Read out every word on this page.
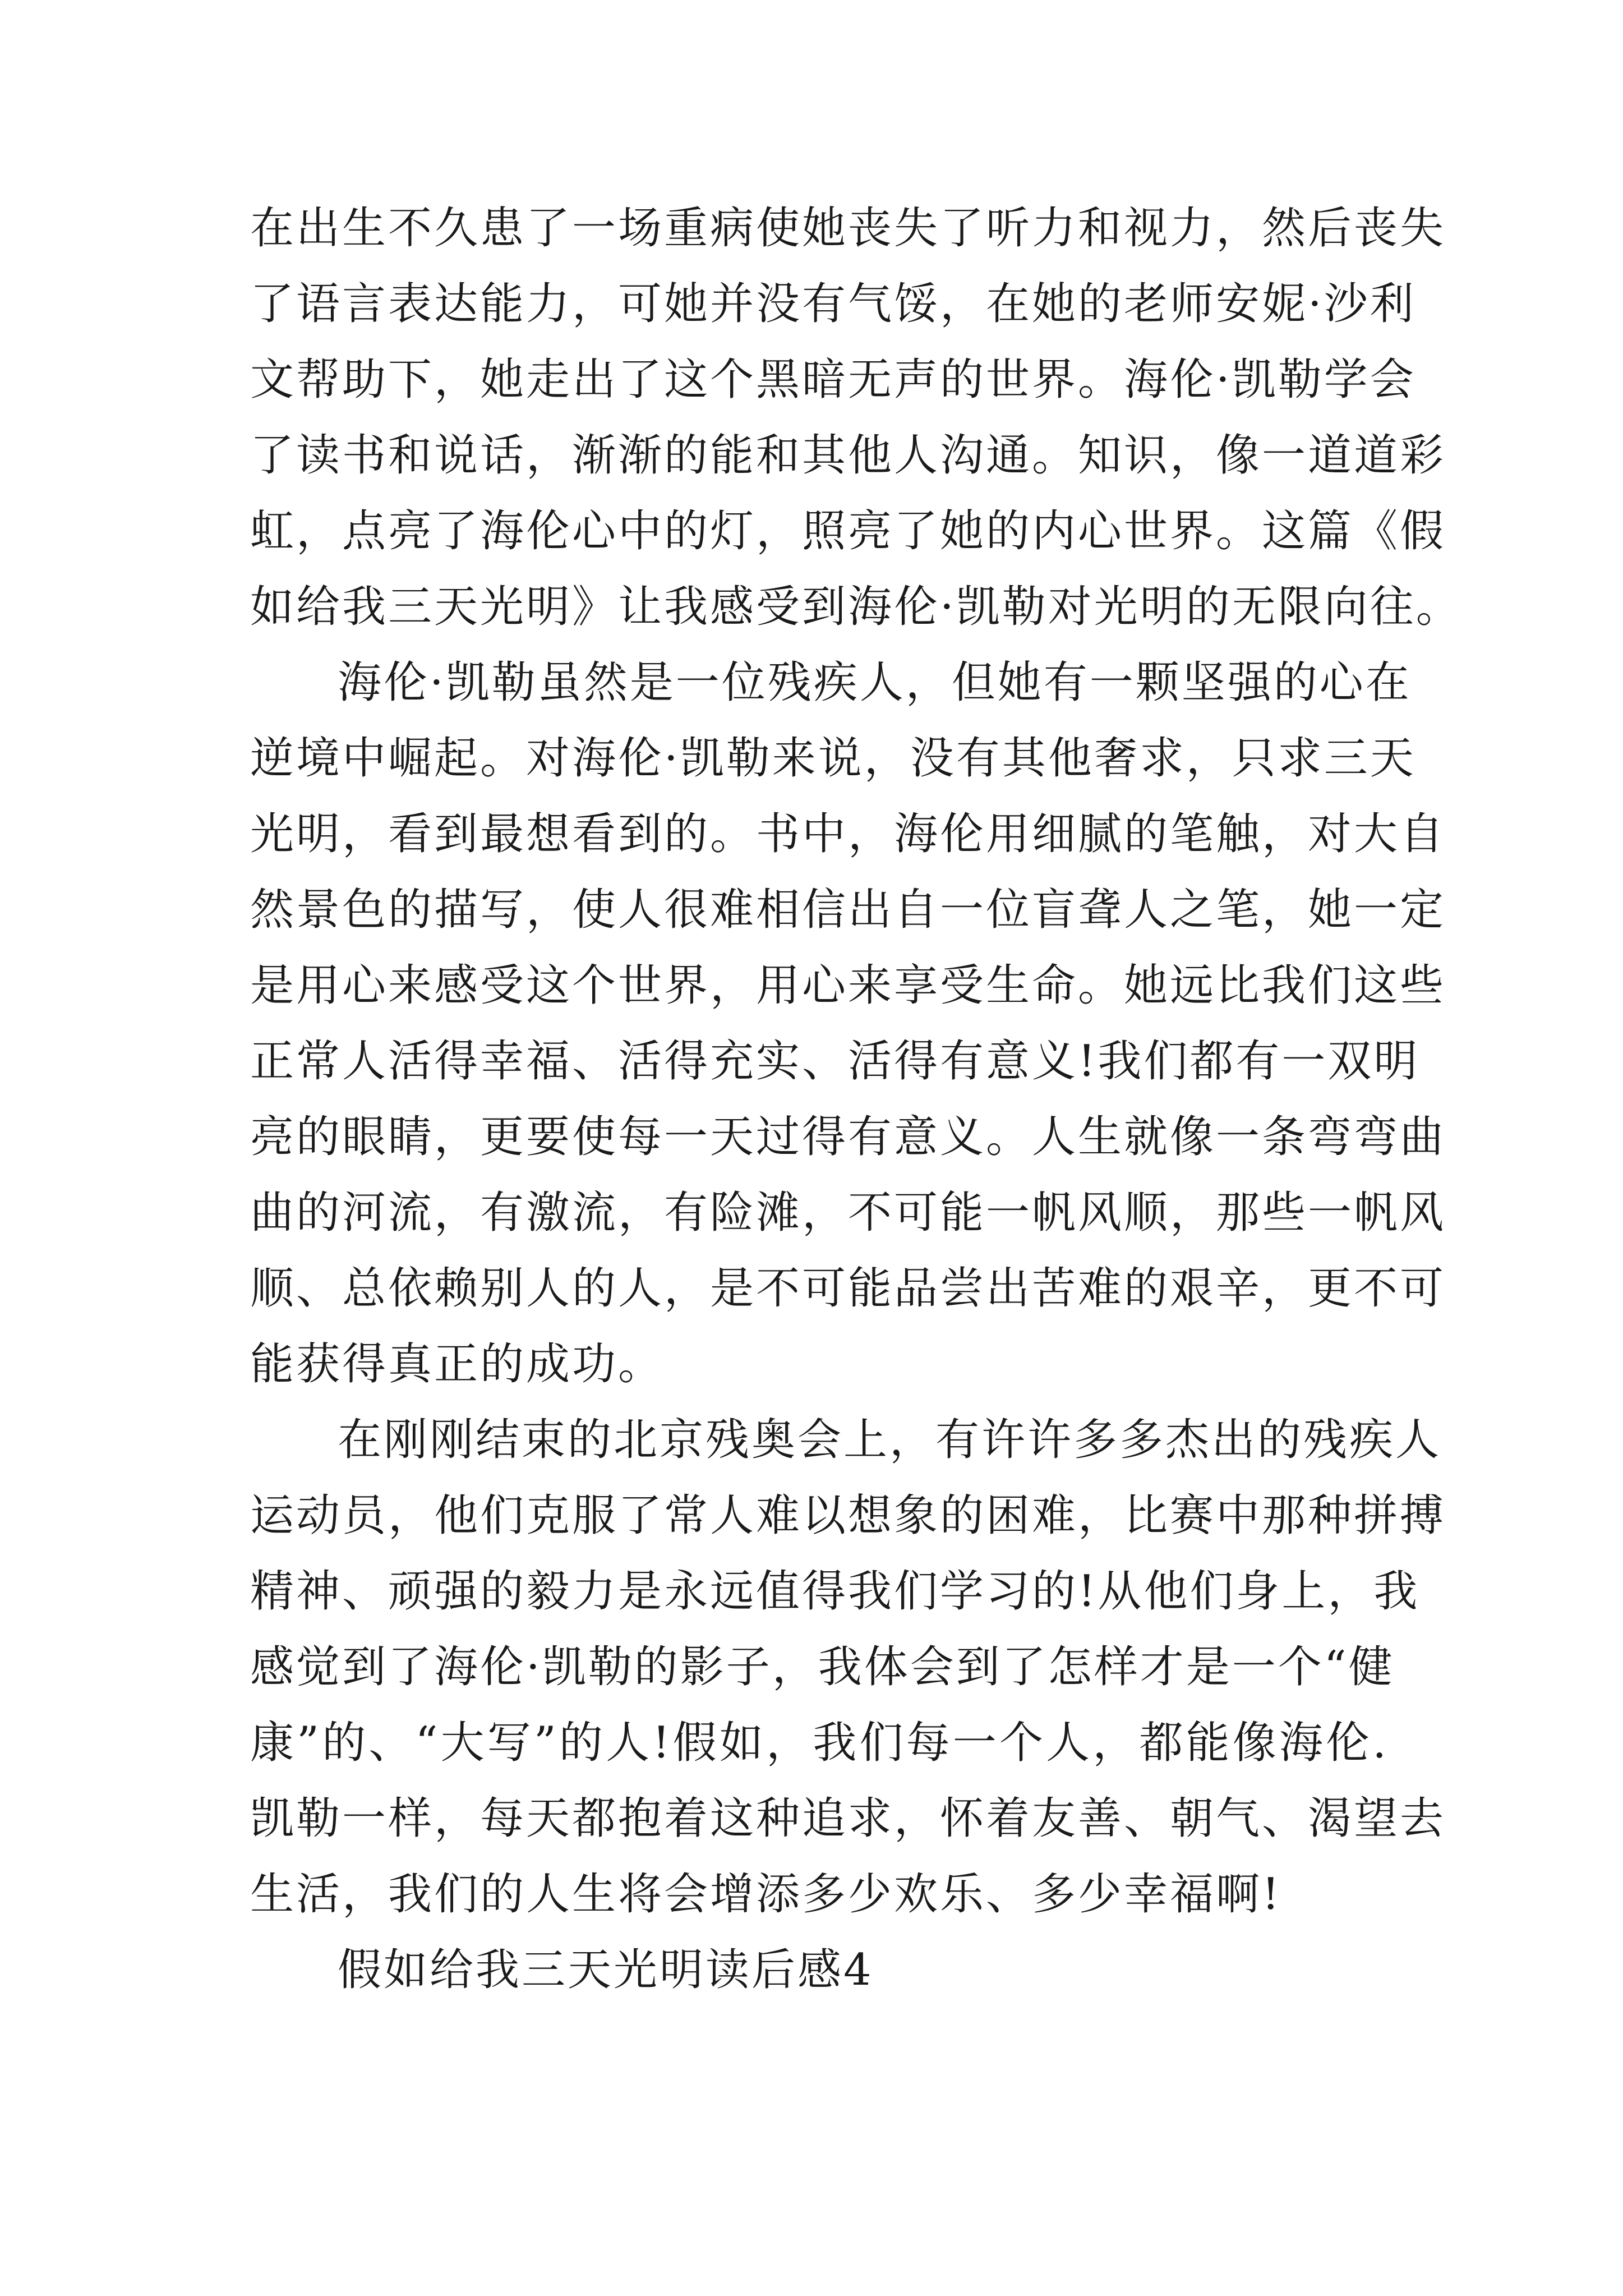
在出生不久患了一场重病使她丧失了听力和视力，然后丧失
了语言表达能力，可她并没有气馁，在她的老师安妮·沙利
文帮助下，她走出了这个黑暗无声的世界。海伦·凯勒学会
了读书和说话，渐渐的能和其他人沟通。知识，像一道道彩
虹，点亮了海伦心中的灯，照亮了她的内心世界。这篇《假
如给我三天光明》让我感受到海伦·凯勒对光明的无限向往。
海伦·凯勒虽然是一位残疾人，但她有一颗坚强的心在
逆境中崛起。对海伦·凯勒来说，没有其他奢求，只求三天
光明，看到最想看到的。书中，海伦用细腻的笔触，对大自
然景色的描写，使人很难相信出自一位盲聋人之笔，她一定
是用心来感受这个世界，用心来享受生命。她远比我们这些
正常人活得幸福、活得充实、活得有意义!我们都有一双明
亮的眼睛，更要使每一天过得有意义。人生就像一条弯弯曲
曲的河流，有激流，有险滩，不可能一帆风顺，那些一帆风
顺、总依赖别人的人，是不可能品尝出苦难的艰辛，更不可
能获得真正的成功。
在刚刚结束的北京残奥会上，有许许多多杰出的残疾人
运动员，他们克服了常人难以想象的困难，比赛中那种拼搏
精神、顽强的毅力是永远值得我们学习的!从他们身上，我
感觉到了海伦·凯勒的影子，我体会到了怎样才是一个“健
康”的、“大写”的人!假如，我们每一个人，都能像海伦.
凯勒一样，每天都抱着这种追求，怀着友善、朝气、渴望去
生活，我们的人生将会增添多少欢乐、多少幸福啊!
假如给我三天光明读后感4
